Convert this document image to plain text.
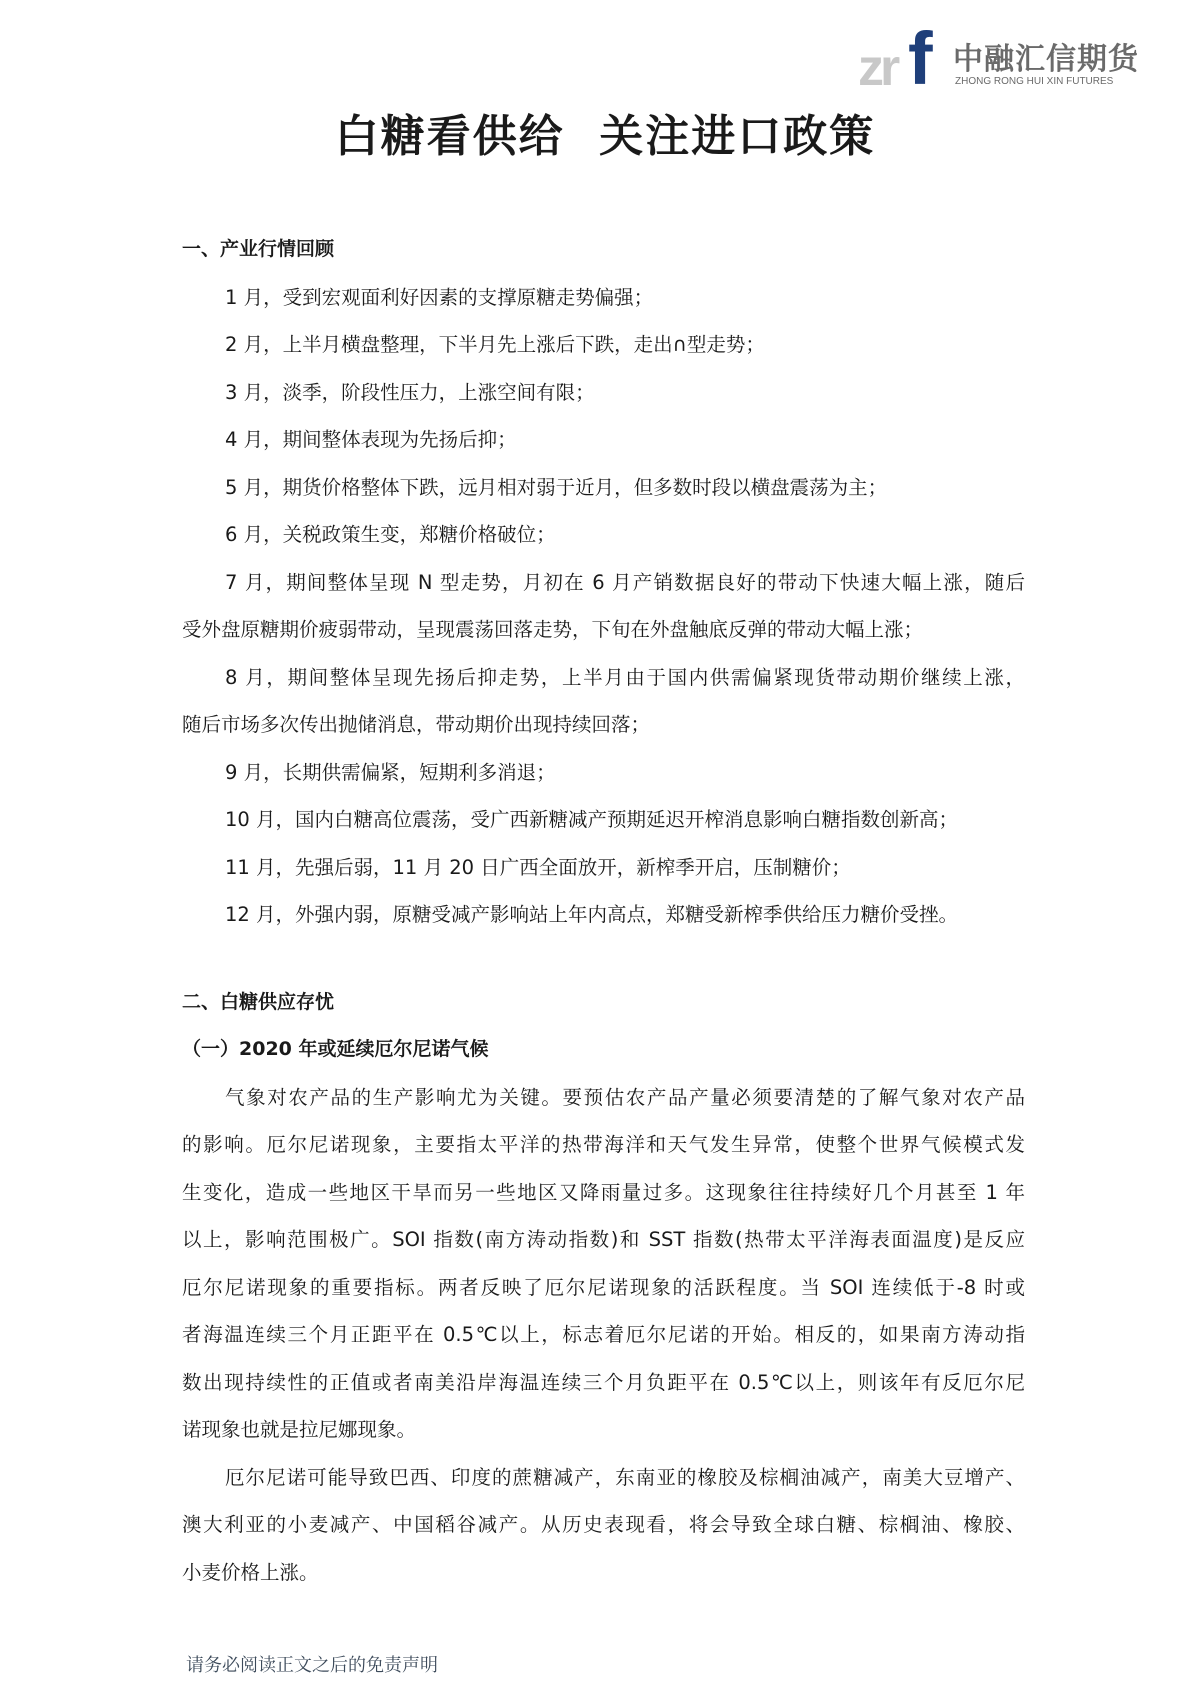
zr f 中融汇信期货
ZHONG RONG HUI XIN FUTURES
白糖看供给  关注进口政策
一、产业行情回顾
1 月，受到宏观面利好因素的支撑原糖走势偏强；
2 月，上半月横盘整理，下半月先上涨后下跌，走出∩型走势；
3 月，淡季，阶段性压力，上涨空间有限；
4 月，期间整体表现为先扬后抑；
5 月，期货价格整体下跌，远月相对弱于近月，但多数时段以横盘震荡为主；
6 月，关税政策生变，郑糖价格破位；
7 月，期间整体呈现 N 型走势，月初在 6 月产销数据良好的带动下快速大幅上涨，随后
受外盘原糖期价疲弱带动，呈现震荡回落走势，下旬在外盘触底反弹的带动大幅上涨；
8 月，期间整体呈现先扬后抑走势，上半月由于国内供需偏紧现货带动期价继续上涨，
随后市场多次传出抛储消息，带动期价出现持续回落；
9 月，长期供需偏紧，短期利多消退；
10 月，国内白糖高位震荡，受广西新糖减产预期延迟开榨消息影响白糖指数创新高；
11 月，先强后弱，11 月 20 日广西全面放开，新榨季开启，压制糖价；
12 月，外强内弱，原糖受减产影响站上年内高点，郑糖受新榨季供给压力糖价受挫。
二、白糖供应存忧
（一）2020 年或延续厄尔尼诺气候
气象对农产品的生产影响尤为关键。要预估农产品产量必须要清楚的了解气象对农产品
的影响。厄尔尼诺现象，主要指太平洋的热带海洋和天气发生异常，使整个世界气候模式发
生变化，造成一些地区干旱而另一些地区又降雨量过多。这现象往往持续好几个月甚至 1 年
以上，影响范围极广。SOI 指数(南方涛动指数)和 SST 指数(热带太平洋海表面温度)是反应
厄尔尼诺现象的重要指标。两者反映了厄尔尼诺现象的活跃程度。当 SOI 连续低于-8 时或
者海温连续三个月正距平在 0.5℃以上，标志着厄尔尼诺的开始。相反的，如果南方涛动指
数出现持续性的正值或者南美沿岸海温连续三个月负距平在 0.5℃以上，则该年有反厄尔尼
诺现象也就是拉尼娜现象。
厄尔尼诺可能导致巴西、印度的蔗糖减产，东南亚的橡胶及棕榈油减产，南美大豆增产、
澳大利亚的小麦减产、中国稻谷减产。从历史表现看，将会导致全球白糖、棕榈油、橡胶、
小麦价格上涨。
请务必阅读正文之后的免责声明
